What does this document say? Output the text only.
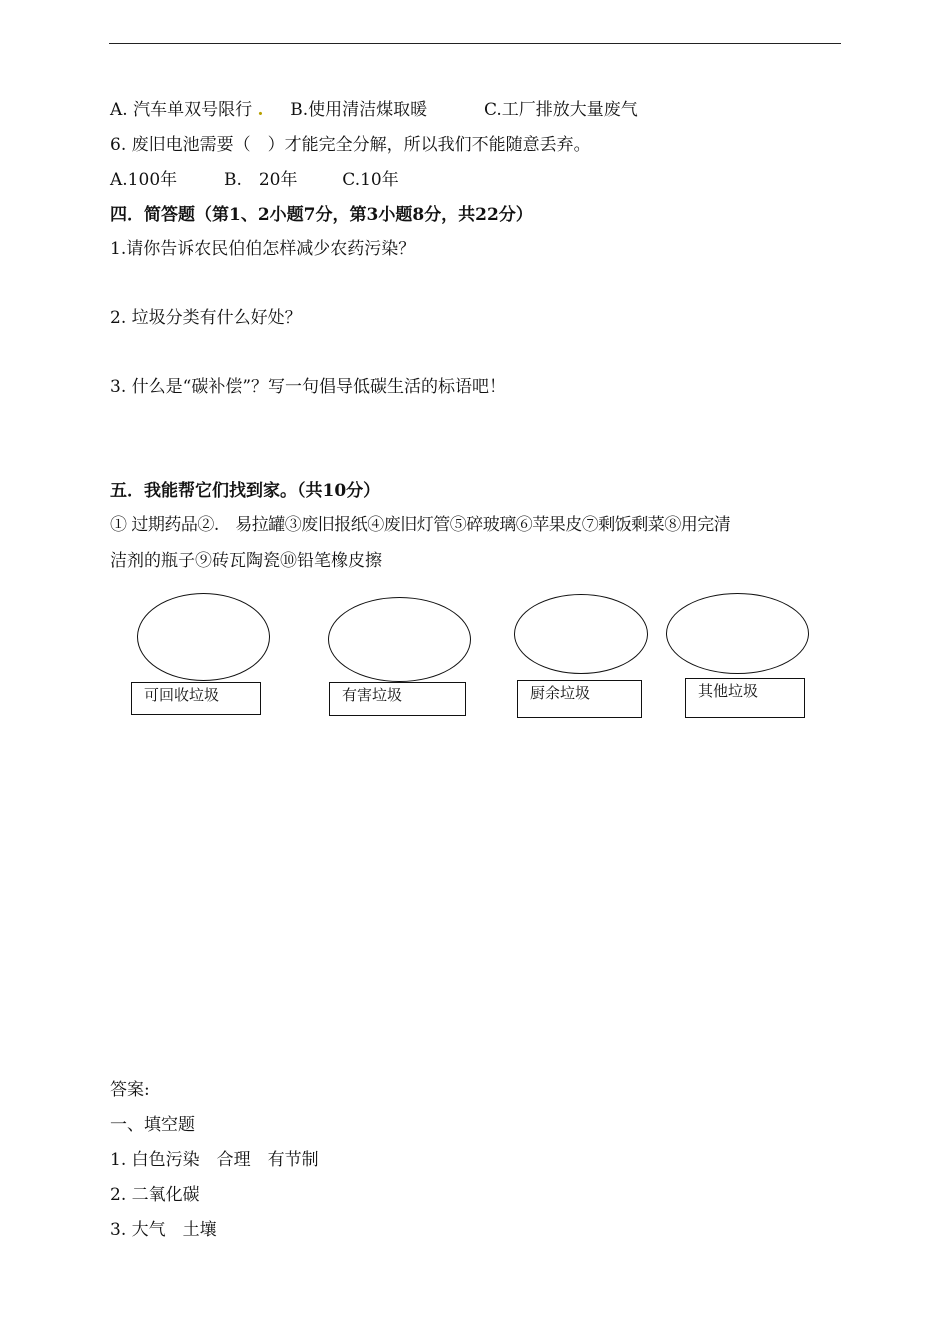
A. 汽车单双号限行 . B.使用清洁煤取暖	C.工厂排放大量废气
6. 废旧电池需要（　）才能完全分解，所以我们不能随意丢弃。
A.100年	B.　20年	C.10年
四．简答题（第1、2小题7分，第3小题8分，共22分）
1.请你告诉农民伯伯怎样减少农药污染？
2. 垃圾分类有什么好处？
3. 什么是“碳补偿”？写一句倡导低碳生活的标语吧！
五．我能帮它们找到家。（共10分）
① 过期药品②.　易拉罐③废旧报纸④废旧灯管⑤碎玻璃⑥苹果皮⑦剩饭剩菜⑧用完清
洁剂的瓶子⑨砖瓦陶瓷⑩铅笔橡皮擦
可回收垃圾	有害垃圾	厨余垃圾	其他垃圾
答案:
一、填空题
1. 白色污染　合理　有节制
2. 二氧化碳
3. 大气　土壤
